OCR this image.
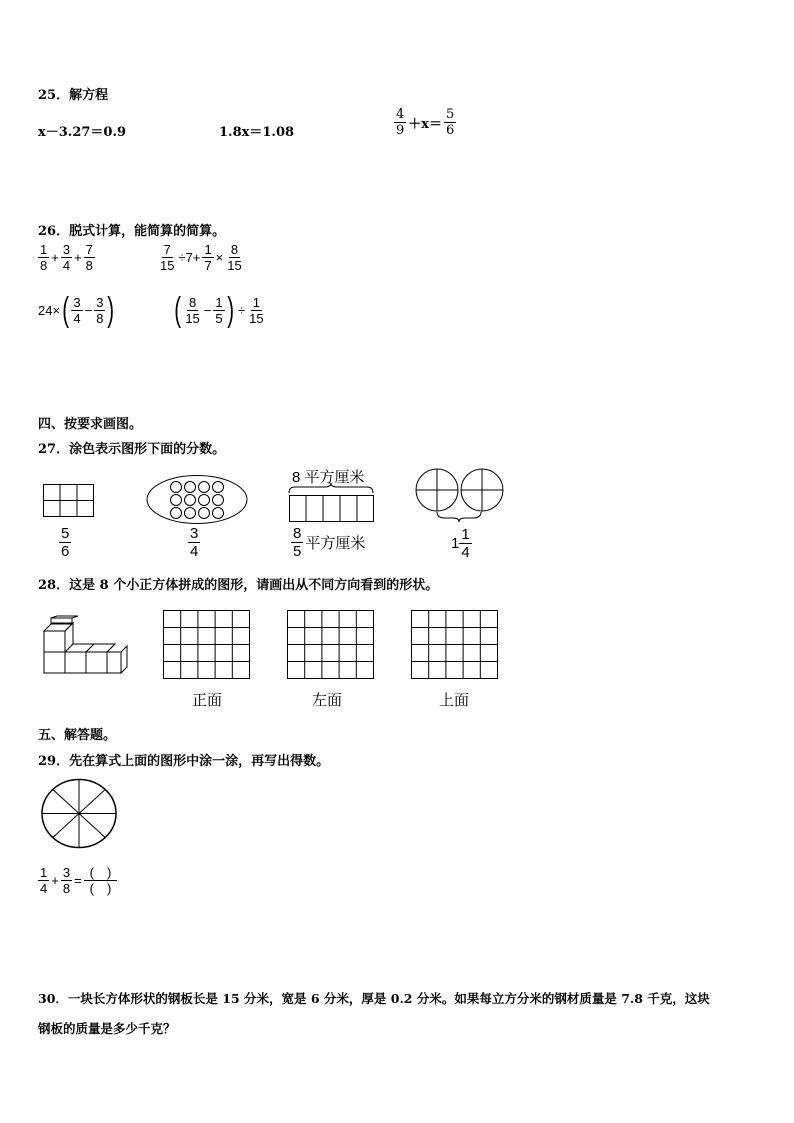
25．解方程
x－3.27＝0.9	1.8x＝1.08	$\frac{4}{9} +x= \frac{5}{6}$
26．脱式计算，能简算的简算。
$\frac{1}{8} + \frac{3}{4} + \frac{7}{8}$	$\frac{7}{15} \div 7+ \frac{1}{7} \times \frac{8}{15}$
24× ( $\frac{3}{4} - \frac{3}{8}$ ) ( $\frac{8}{15} - \frac{1}{5}$ ) ÷ $\frac{1}{15}$
四、按要求画图。
27．涂色表示图形下面的分数。
$\frac{5}{6}$	$\frac{3}{4}$
8 平方厘米
$\frac{8}{5}$ 平方厘米	$1 \frac{1}{4}$
28．这是 8 个小正方体拼成的图形，请画出从不同方向看到的形状。
正面	左面	上面
五、解答题。
29．先在算式上面的图形中涂一涂，再写出得数。
$\frac{1}{4} + \frac{3}{8} = \frac{( )}{( )}$
30．一块长方体形状的钢板长是 15 分米，宽是 6 分米，厚是 0.2 分米。如果每立方分米的钢材质量是 7.8 千克，这块
钢板的质量是多少千克？
